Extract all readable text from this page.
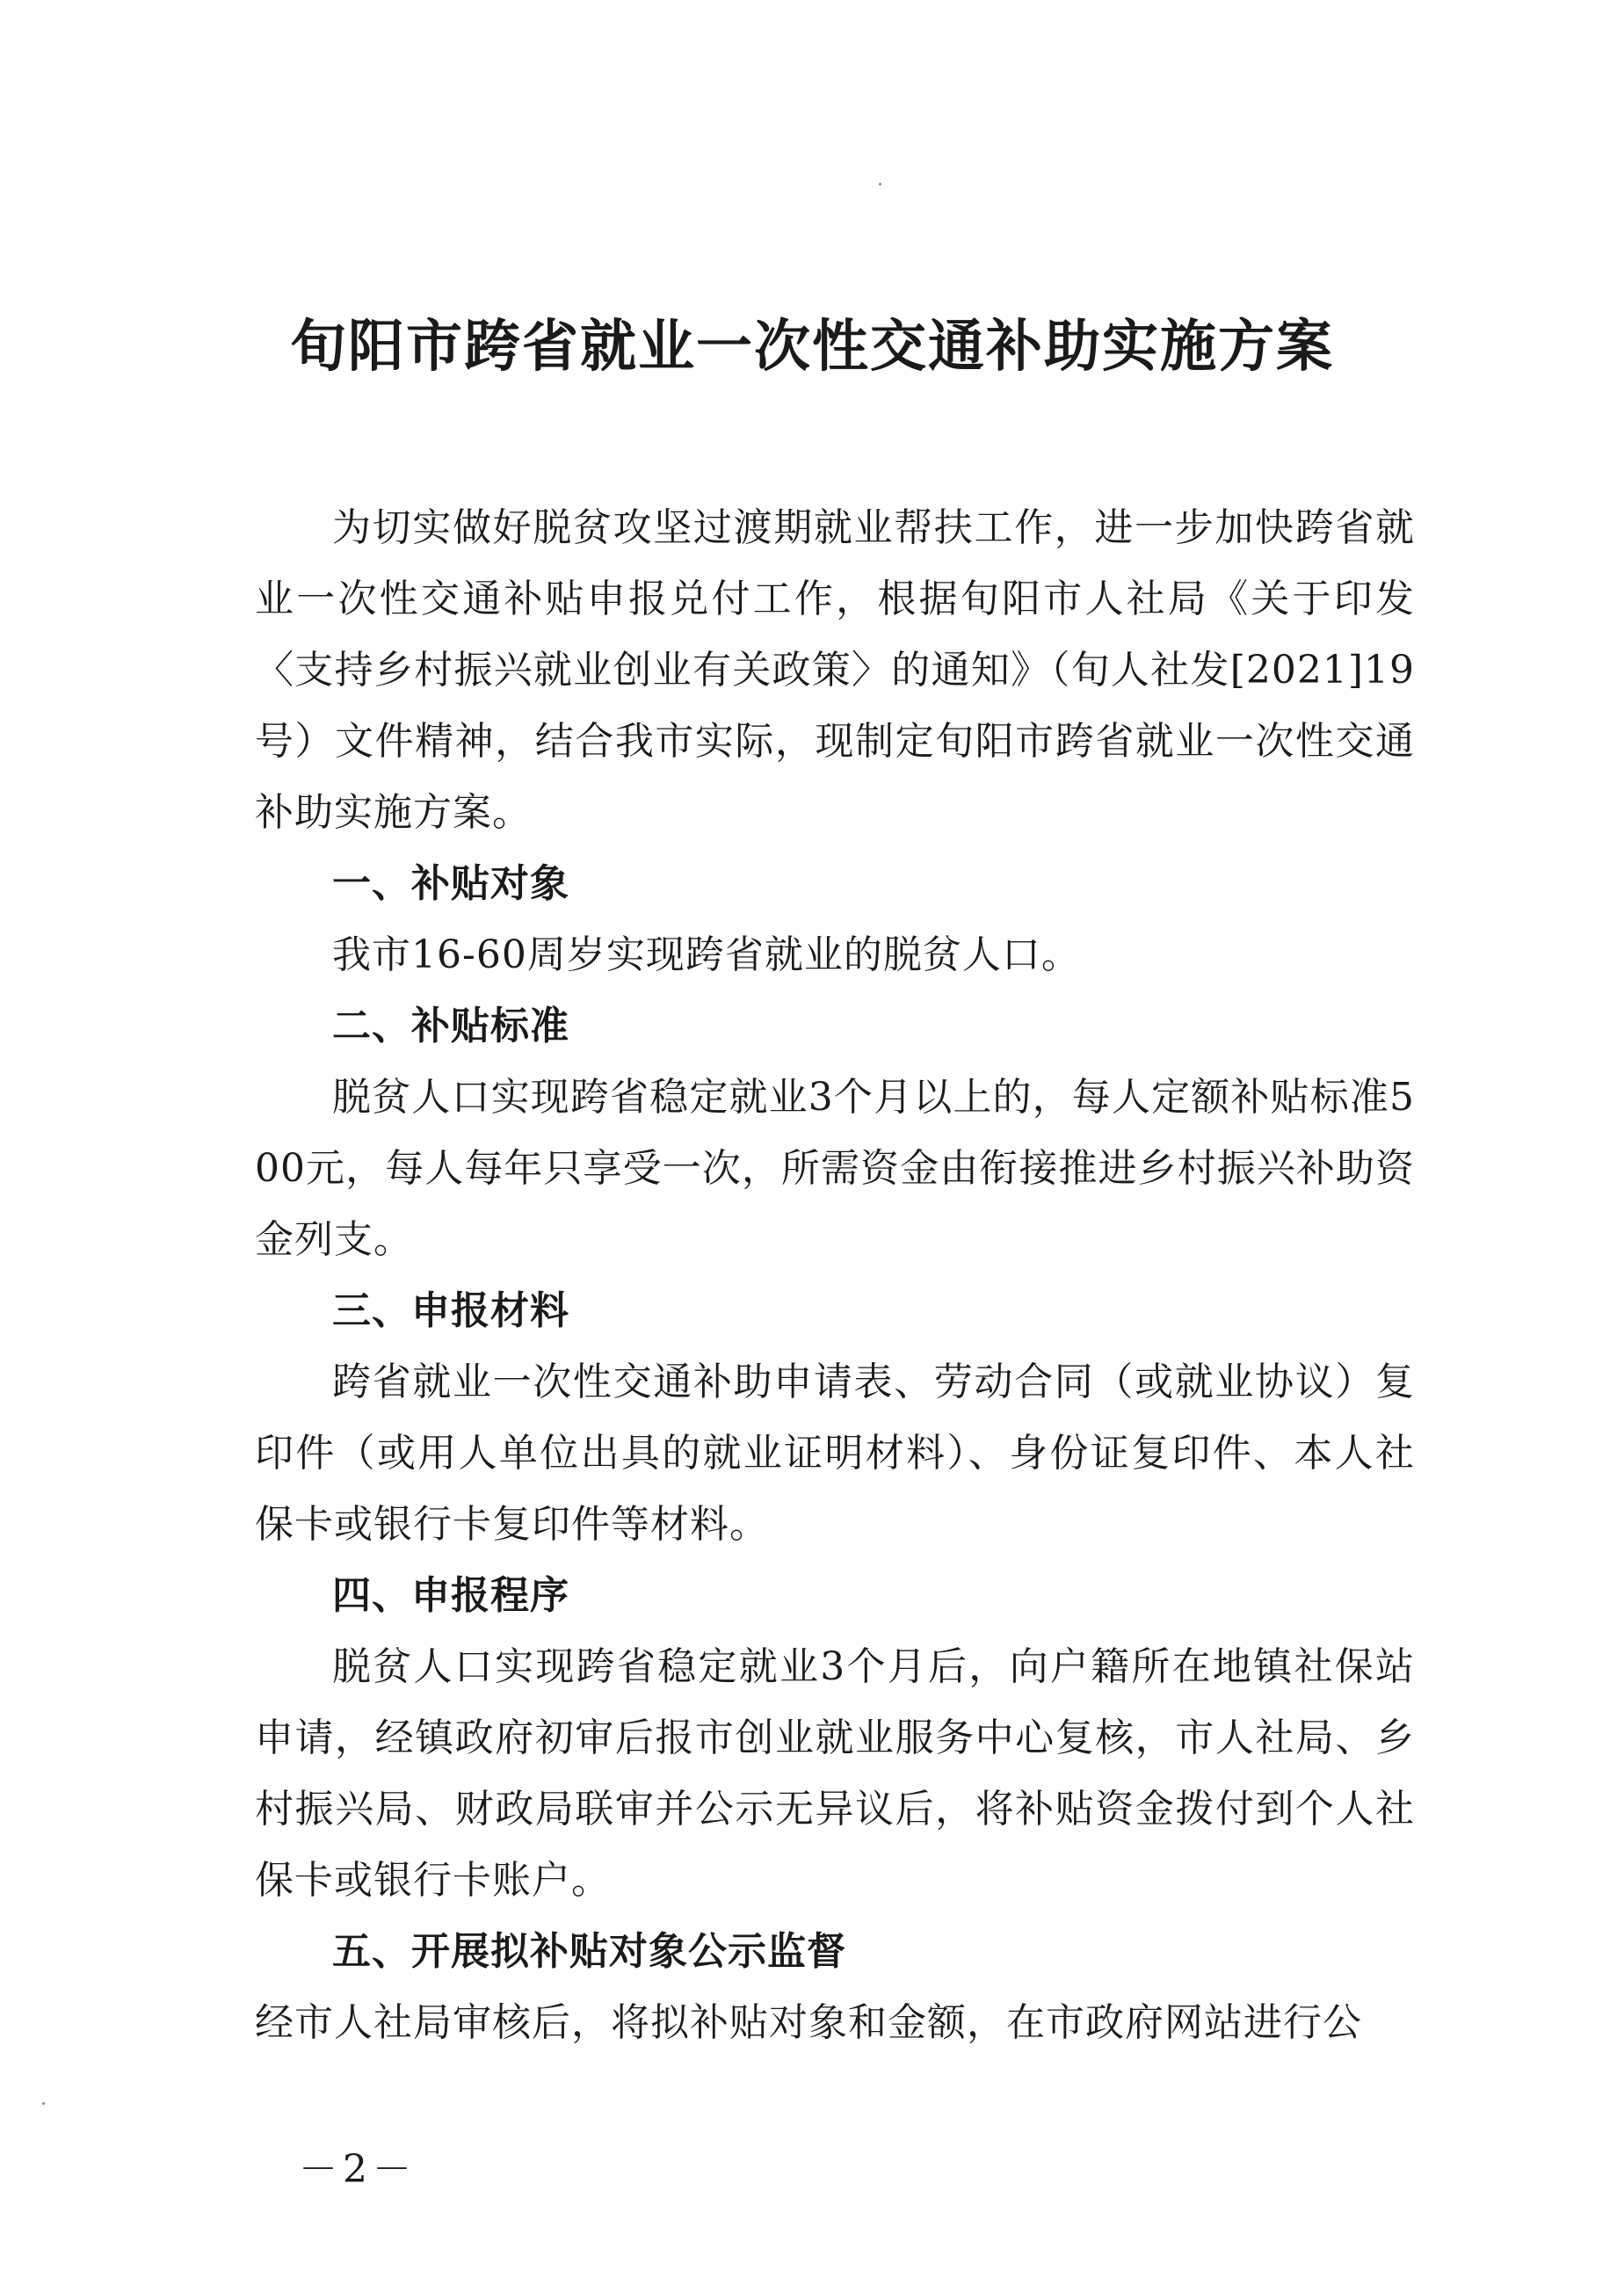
旬阳市跨省就业一次性交通补助实施方案

为切实做好脱贫攻坚过渡期就业帮扶工作，进一步加快跨省就业一次性交通补贴申报兑付工作，根据旬阳市人社局《关于印发〈支持乡村振兴就业创业有关政策〉的通知》（旬人社发[2021]19号）文件精神，结合我市实际，现制定旬阳市跨省就业一次性交通补助实施方案。

一、补贴对象

我市16-60周岁实现跨省就业的脱贫人口。

二、补贴标准

脱贫人口实现跨省稳定就业3个月以上的，每人定额补贴标准500元，每人每年只享受一次，所需资金由衔接推进乡村振兴补助资金列支。

三、申报材料

跨省就业一次性交通补助申请表、劳动合同（或就业协议）复印件（或用人单位出具的就业证明材料）、身份证复印件、本人社保卡或银行卡复印件等材料。

四、申报程序

脱贫人口实现跨省稳定就业3个月后，向户籍所在地镇社保站申请，经镇政府初审后报市创业就业服务中心复核，市人社局、乡村振兴局、财政局联审并公示无异议后，将补贴资金拨付到个人社保卡或银行卡账户。

五、开展拟补贴对象公示监督

经市人社局审核后，将拟补贴对象和金额，在市政府网站进行公

－2－
